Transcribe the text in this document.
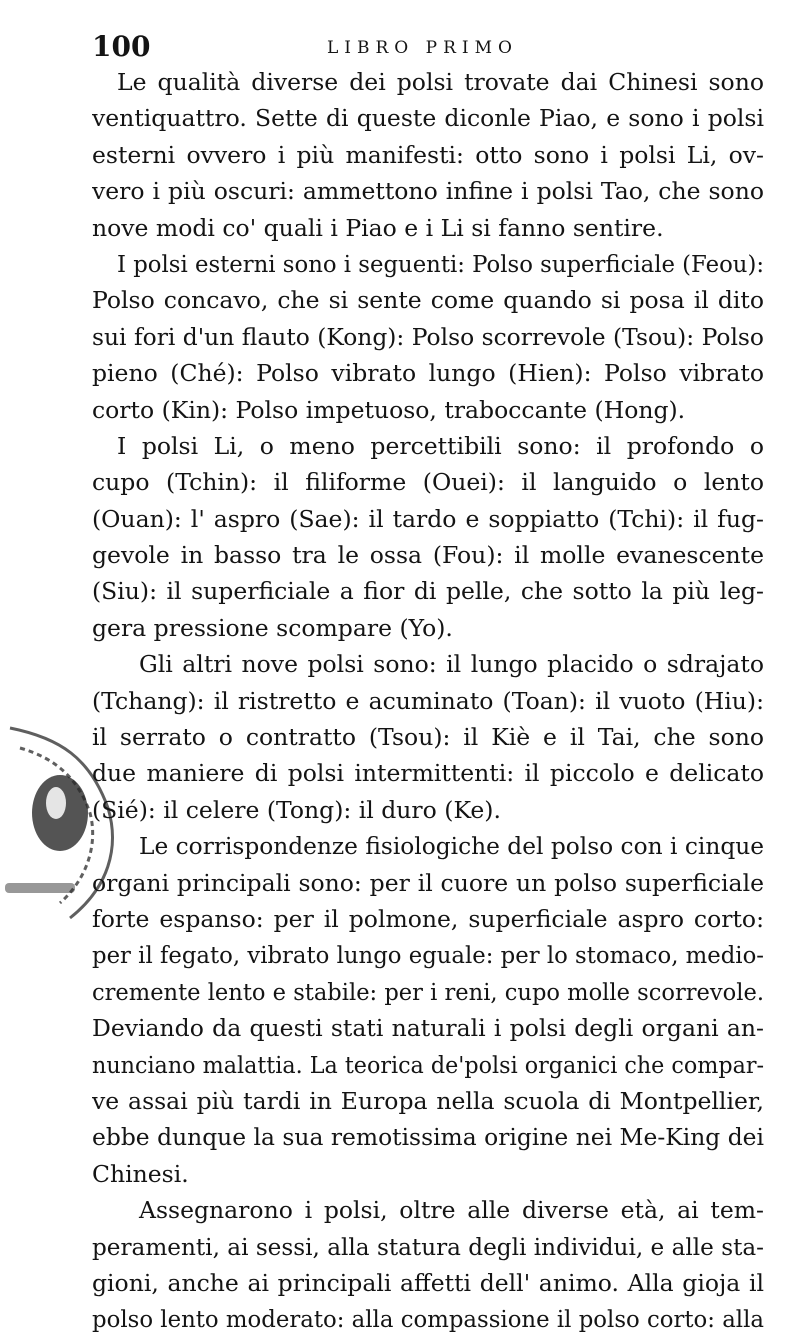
100	LIBRO PRIMO
Le qualità diverse dei polsi trovate dai Chinesi sono
ventiquattro. Sette di queste diconle Piao, e sono i polsi
esterni ovvero i più manifesti: otto sono i polsi Li, ov-
vero i più oscuri: ammettono infine i polsi Tao, che sono
nove modi co' quali i Piao e i Li si fanno sentire.
I polsi esterni sono i seguenti: Polso superficiale (Feou):
Polso concavo, che si sente come quando si posa il dito
sui fori d'un flauto (Kong): Polso scorrevole (Tsou): Polso
pieno (Ché): Polso vibrato lungo (Hien): Polso vibrato
corto (Kin): Polso impetuoso, traboccante (Hong).
I polsi Li, o meno percettibili sono: il profondo o
cupo (Tchin): il filiforme (Ouei): il languido o lento
(Ouan): l' aspro (Sae): il tardo e soppiatto (Tchi): il fug-
gevole in basso tra le ossa (Fou): il molle evanescente
(Siu): il superficiale a fior di pelle, che sotto la più leg-
gera pressione scompare (Yo).
Gli altri nove polsi sono: il lungo placido o sdrajato
(Tchang): il ristretto e acuminato (Toan): il vuoto (Hiu):
il serrato o contratto (Tsou): il Kiè e il Tai, che sono
due maniere di polsi intermittenti: il piccolo e delicato
(Sié): il celere (Tong): il duro (Ke).
Le corrispondenze fisiologiche del polso con i cinque
organi principali sono: per il cuore un polso superficiale
forte espanso: per il polmone, superficiale aspro corto:
per il fegato, vibrato lungo eguale: per lo stomaco, medio-
cremente lento e stabile: per i reni, cupo molle scorrevole.
Deviando da questi stati naturali i polsi degli organi an-
nunciano malattia. La teorica de'polsi organici che compar-
ve assai più tardi in Europa nella scuola di Montpellier,
ebbe dunque la sua remotissima origine nei Me-King dei
Chinesi.
Assegnarono i polsi, oltre alle diverse età, ai tem-
peramenti, ai sessi, alla statura degli individui, e alle sta-
gioni, anche ai principali affetti dell' animo. Alla gioja il
polso lento moderato: alla compassione il polso corto: alla
